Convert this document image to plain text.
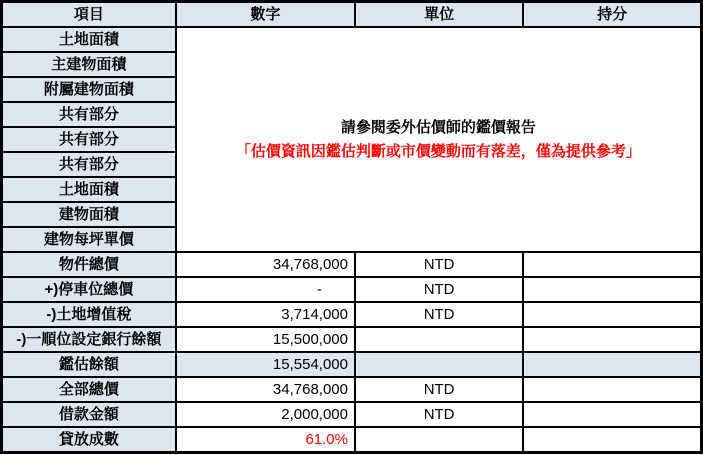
項目	數字	單位	持分
土地面積	請參閱委外估價師的鑑價報告
「估價資訊因鑑估判斷或市價變動而有落差，僅為提供參考」		

主建物面積			
附屬建物面積			
共有部分			
共有部分			
共有部分			
土地面積			
建物面積			
建物每坪單價			
物件總價	34,768,000	NTD	
+)停車位總價	-	NTD	
-)土地增值稅	3,714,000	NTD	
-)一順位設定銀行餘額	15,500,000		
鑑估餘額	15,554,000		
全部總價	34,768,000	NTD	
借款金額	2,000,000	NTD	
貸放成數	61.0%		
